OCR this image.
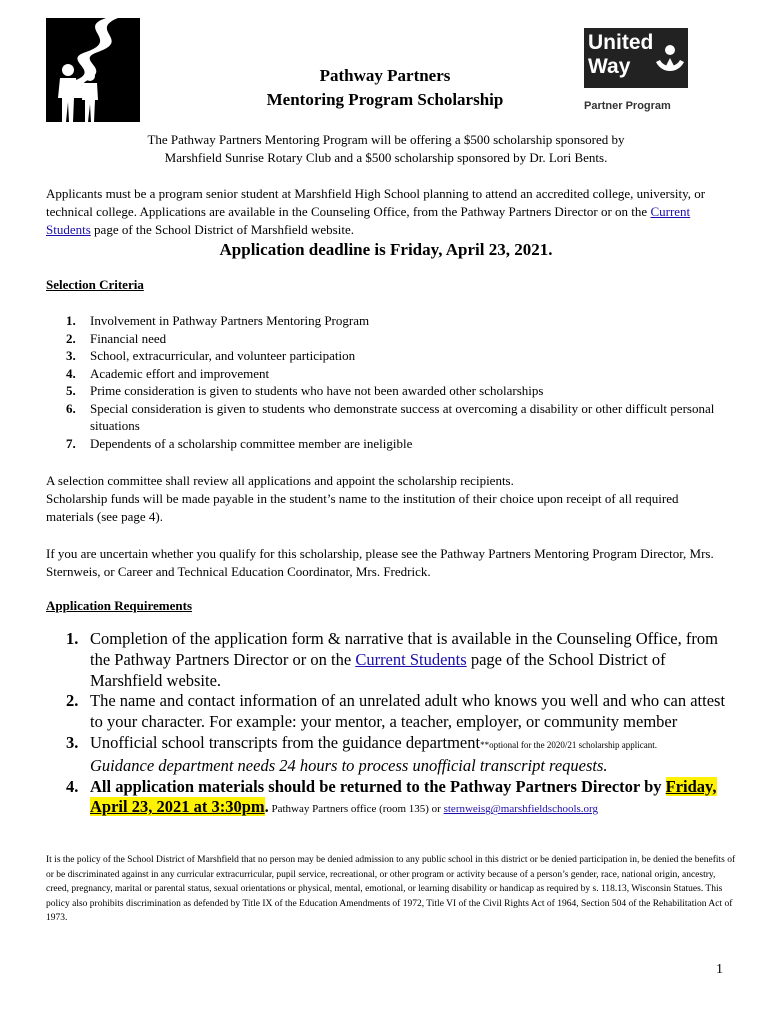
Pathway Partners
Mentoring Program Scholarship
United
Way
Partner Program
The Pathway Partners Mentoring Program will be offering a $500 scholarship sponsored by
Marshfield Sunrise Rotary Club and a $500 scholarship sponsored by Dr. Lori Bents.
Applicants must be a program senior student at Marshfield High School planning to attend an accredited college, university, or technical college. Applications are available in the Counseling Office, from the Pathway Partners Director or on the Current Students page of the School District of Marshfield website.
Application deadline is Friday, April 23, 2021.
Selection Criteria
1. Involvement in Pathway Partners Mentoring Program
2. Financial need
3. School, extracurricular, and volunteer participation
4. Academic effort and improvement
5. Prime consideration is given to students who have not been awarded other scholarships
6. Special consideration is given to students who demonstrate success at overcoming a disability or other difficult personal situations
7. Dependents of a scholarship committee member are ineligible
A selection committee shall review all applications and appoint the scholarship recipients.
Scholarship funds will be made payable in the student’s name to the institution of their choice upon receipt of all required materials (see page 4).
If you are uncertain whether you qualify for this scholarship, please see the Pathway Partners Mentoring Program Director, Mrs. Sternweis, or Career and Technical Education Coordinator, Mrs. Fredrick.
Application Requirements
1. Completion of the application form & narrative that is available in the Counseling Office, from the Pathway Partners Director or on the Current Students page of the School District of Marshfield website.
2. The name and contact information of an unrelated adult who knows you well and who can attest to your character. For example: your mentor, a teacher, employer, or community member
3. Unofficial school transcripts from the guidance department**optional for the 2020/21 scholarship applicant.
Guidance department needs 24 hours to process unofficial transcript requests.
4. All application materials should be returned to the Pathway Partners Director by Friday, April 23, 2021 at 3:30pm. Pathway Partners office (room 135) or sternweisg@marshfieldschools.org
It is the policy of the School District of Marshfield that no person may be denied admission to any public school in this district or be denied participation in, be denied the benefits of or be discriminated against in any curricular extracurricular, pupil service, recreational, or other program or activity because of a person’s gender, race, national origin, ancestry, creed, pregnancy, marital or parental status, sexual orientations or physical, mental, emotional, or learning disability or handicap as required by s. 118.13, Wisconsin Statues. This policy also prohibits discrimination as defended by Title IX of the Education Amendments of 1972, Title VI of the Civil Rights Act of 1964, Section 504 of the Rehabilitation Act of 1973.
1
